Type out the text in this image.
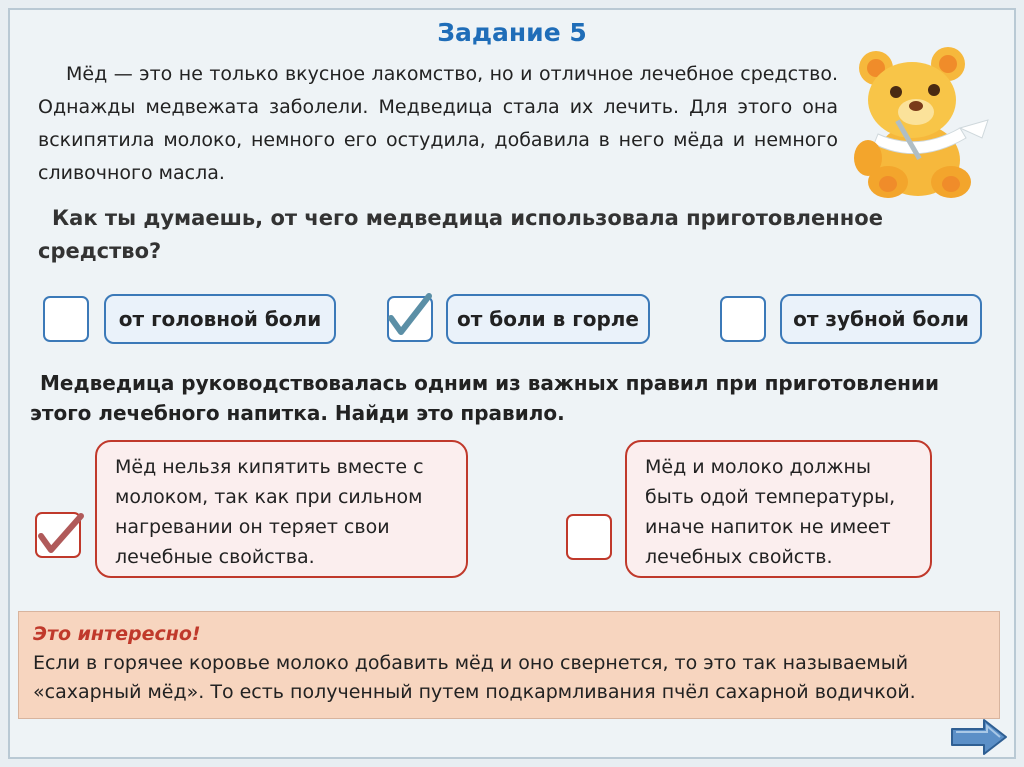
Задание 5
Мёд — это не только вкусное лакомство, но и отличное лечебное средство. Однажды медвежата заболели. Медведица стала их лечить. Для этого она вскипятила молоко, немного его остудила, добавила в него мёда и немного сливочного масла.
Как ты думаешь, от чего медведица использовала приготовленное средство?
от головной боли	от боли в горле	от зубной боли
Медведица руководствовалась одним из важных правил при приготовлении этого лечебного напитка. Найди это правило.
Мёд нельзя кипятить вместе с молоком, так как при сильном нагревании он теряет свои лечебные свойства.
Мёд и молоко должны быть одой температуры, иначе напиток не имеет лечебных свойств.
Это интересно!
Если в горячее коровье молоко добавить мёд и оно свернется, то это так называемый «сахарный мёд». То есть полученный путем подкармливания пчёл сахарной водичкой.
